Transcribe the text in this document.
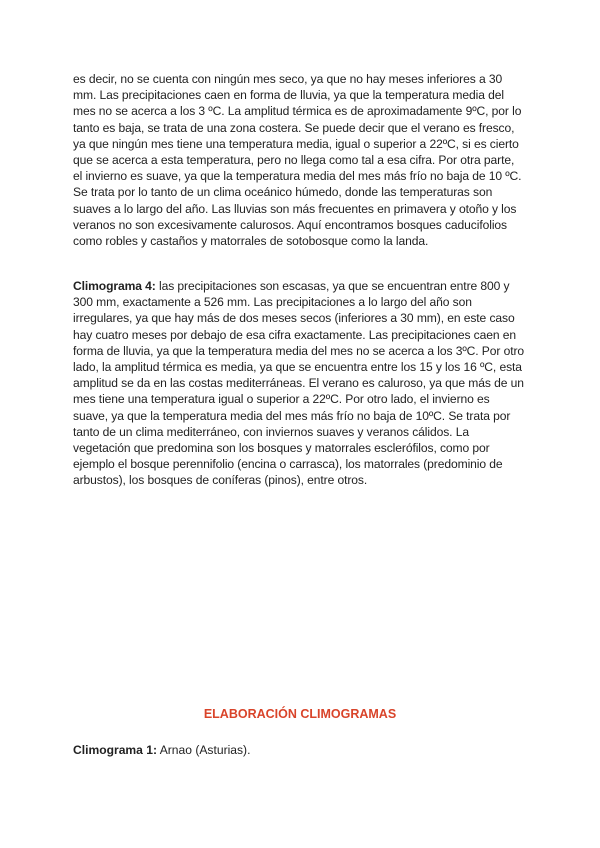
es decir, no se cuenta con ningún mes seco, ya que no hay meses inferiores a 30 mm. Las precipitaciones caen en forma de lluvia, ya que la temperatura media del mes no se acerca a los 3 ºC. La amplitud térmica es de aproximadamente 9ºC, por lo tanto es baja, se trata de una zona costera. Se puede decir que el verano es fresco, ya que ningún mes tiene una temperatura media, igual o superior a 22ºC, si es cierto que se acerca a esta temperatura, pero no llega como tal a esa cifra. Por otra parte, el invierno es suave, ya que la temperatura media del mes más frío no baja de 10 ºC. Se trata por lo tanto de un clima oceánico húmedo, donde las temperaturas son suaves a lo largo del año. Las lluvias son más frecuentes en primavera y otoño y los veranos no son excesivamente calurosos. Aquí encontramos bosques caducifolios como robles y castaños y matorrales de sotobosque como la landa.

Climograma 4: las precipitaciones son escasas, ya que se encuentran entre 800 y 300 mm, exactamente a 526 mm. Las precipitaciones a lo largo del año son irregulares, ya que hay más de dos meses secos (inferiores a 30 mm), en este caso hay cuatro meses por debajo de esa cifra exactamente. Las precipitaciones caen en forma de lluvia, ya que la temperatura media del mes no se acerca a los 3ºC. Por otro lado, la amplitud térmica es media, ya que se encuentra entre los 15 y los 16 ºC, esta amplitud se da en las costas mediterráneas. El verano es caluroso, ya que más de un mes tiene una temperatura igual o superior a 22ºC. Por otro lado, el invierno es suave, ya que la temperatura media del mes más frío no baja de 10ºC. Se trata por tanto de un clima mediterráneo, con inviernos suaves y veranos cálidos. La vegetación que predomina son los bosques y matorrales esclerófilos, como por ejemplo el bosque perennifolio (encina o carrasca), los matorrales (predominio de arbustos), los bosques de coníferas (pinos), entre otros.

ELABORACIÓN CLIMOGRAMAS

Climograma 1: Arnao (Asturias).
